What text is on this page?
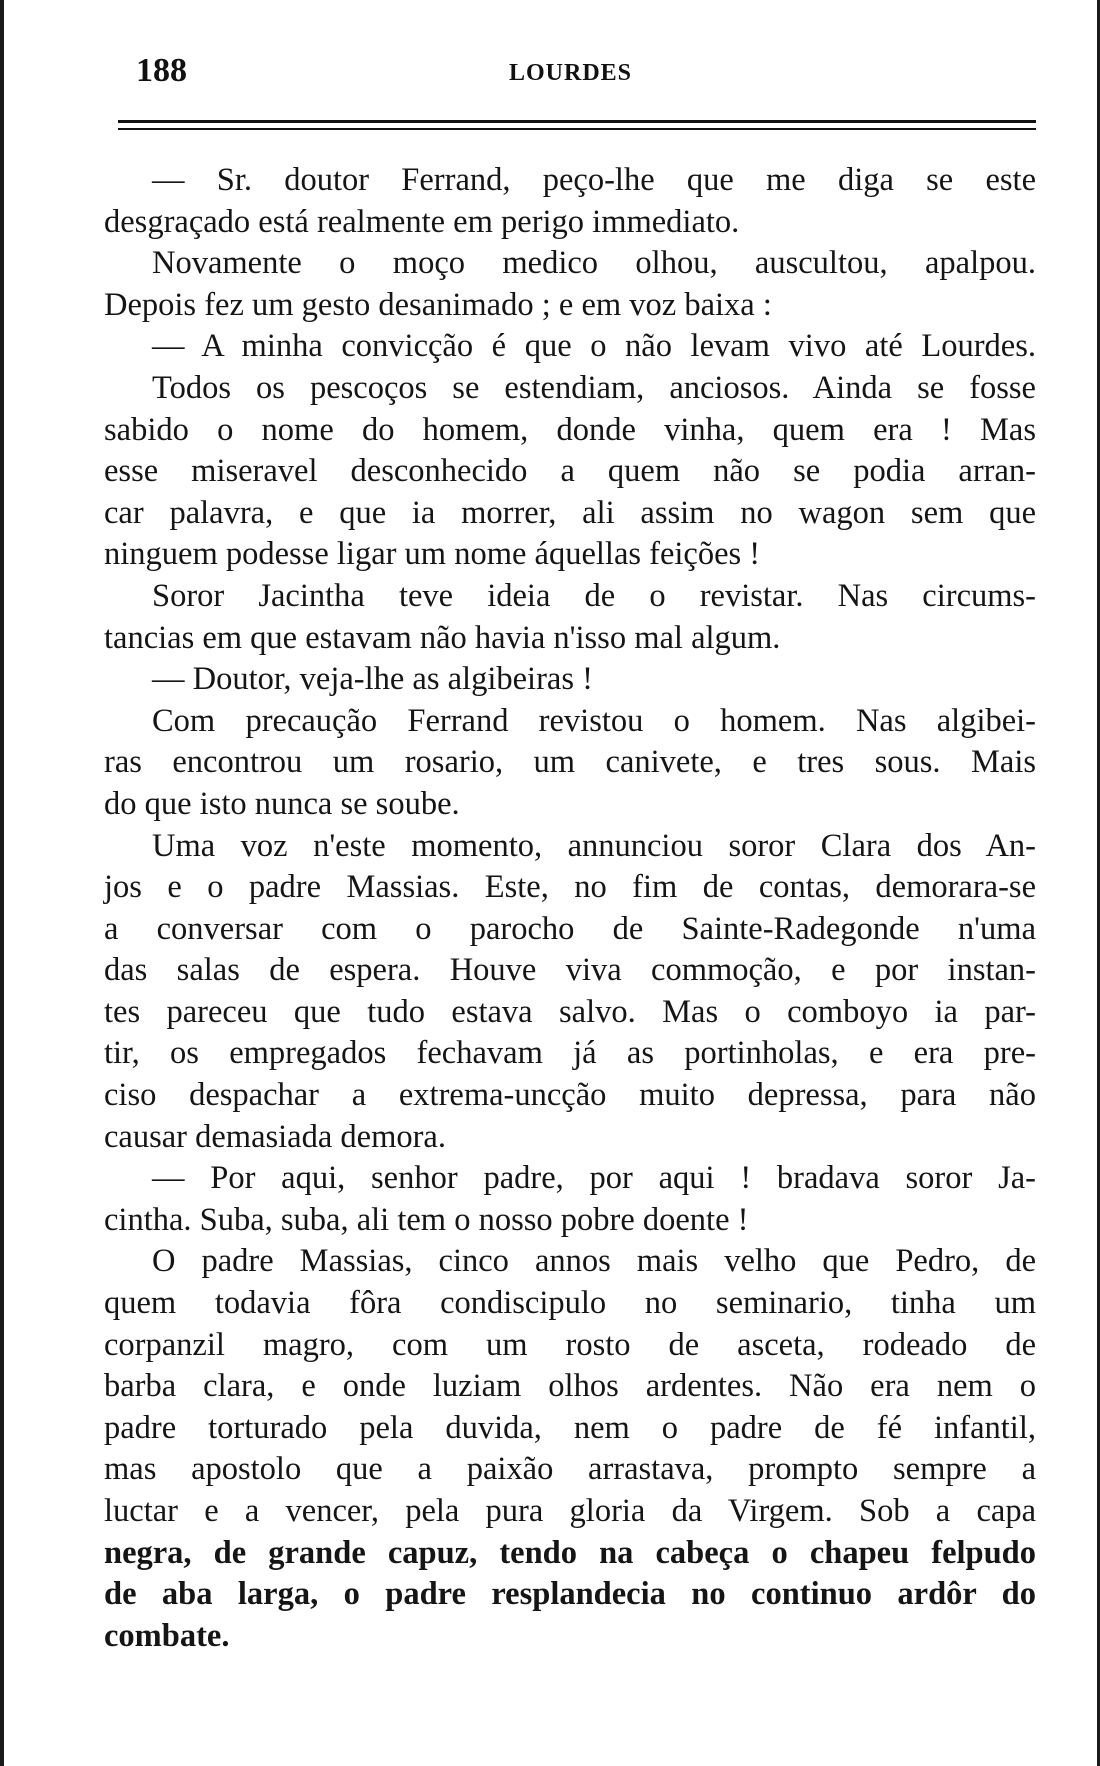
188	LOURDES
— Sr. doutor Ferrand, peço-lhe que me diga se este
desgraçado está realmente em perigo immediato.
Novamente o moço medico olhou, auscultou, apalpou.
Depois fez um gesto desanimado ; e em voz baixa :
— A minha convicção é que o não levam vivo até Lourdes.
Todos os pescoços se estendiam, anciosos. Ainda se fosse
sabido o nome do homem, donde vinha, quem era ! Mas
esse miseravel desconhecido a quem não se podia arran-
car palavra, e que ia morrer, ali assim no wagon sem que
ninguem podesse ligar um nome áquellas feições !
Soror Jacintha teve ideia de o revistar. Nas circums-
tancias em que estavam não havia n'isso mal algum.
— Doutor, veja-lhe as algibeiras !
Com precaução Ferrand revistou o homem. Nas algibei-
ras encontrou um rosario, um canivete, e tres sous. Mais
do que isto nunca se soube.
Uma voz n'este momento, annunciou soror Clara dos An-
jos e o padre Massias. Este, no fim de contas, demorara-se
a conversar com o parocho de Sainte-Radegonde n'uma
das salas de espera. Houve viva commoção, e por instan-
tes pareceu que tudo estava salvo. Mas o comboyo ia par-
tir, os empregados fechavam já as portinholas, e era pre-
ciso despachar a extrema-uncção muito depressa, para não
causar demasiada demora.
— Por aqui, senhor padre, por aqui ! bradava soror Ja-
cintha. Suba, suba, ali tem o nosso pobre doente !
O padre Massias, cinco annos mais velho que Pedro, de
quem todavia fôra condiscipulo no seminario, tinha um
corpanzil magro, com um rosto de asceta, rodeado de
barba clara, e onde luziam olhos ardentes. Não era nem o
padre torturado pela duvida, nem o padre de fé infantil,
mas apostolo que a paixão arrastava, prompto sempre a
luctar e a vencer, pela pura gloria da Virgem. Sob a capa
negra, de grande capuz, tendo na cabeça o chapeu felpudo
de aba larga, o padre resplandecia no continuo ardôr do
combate.
